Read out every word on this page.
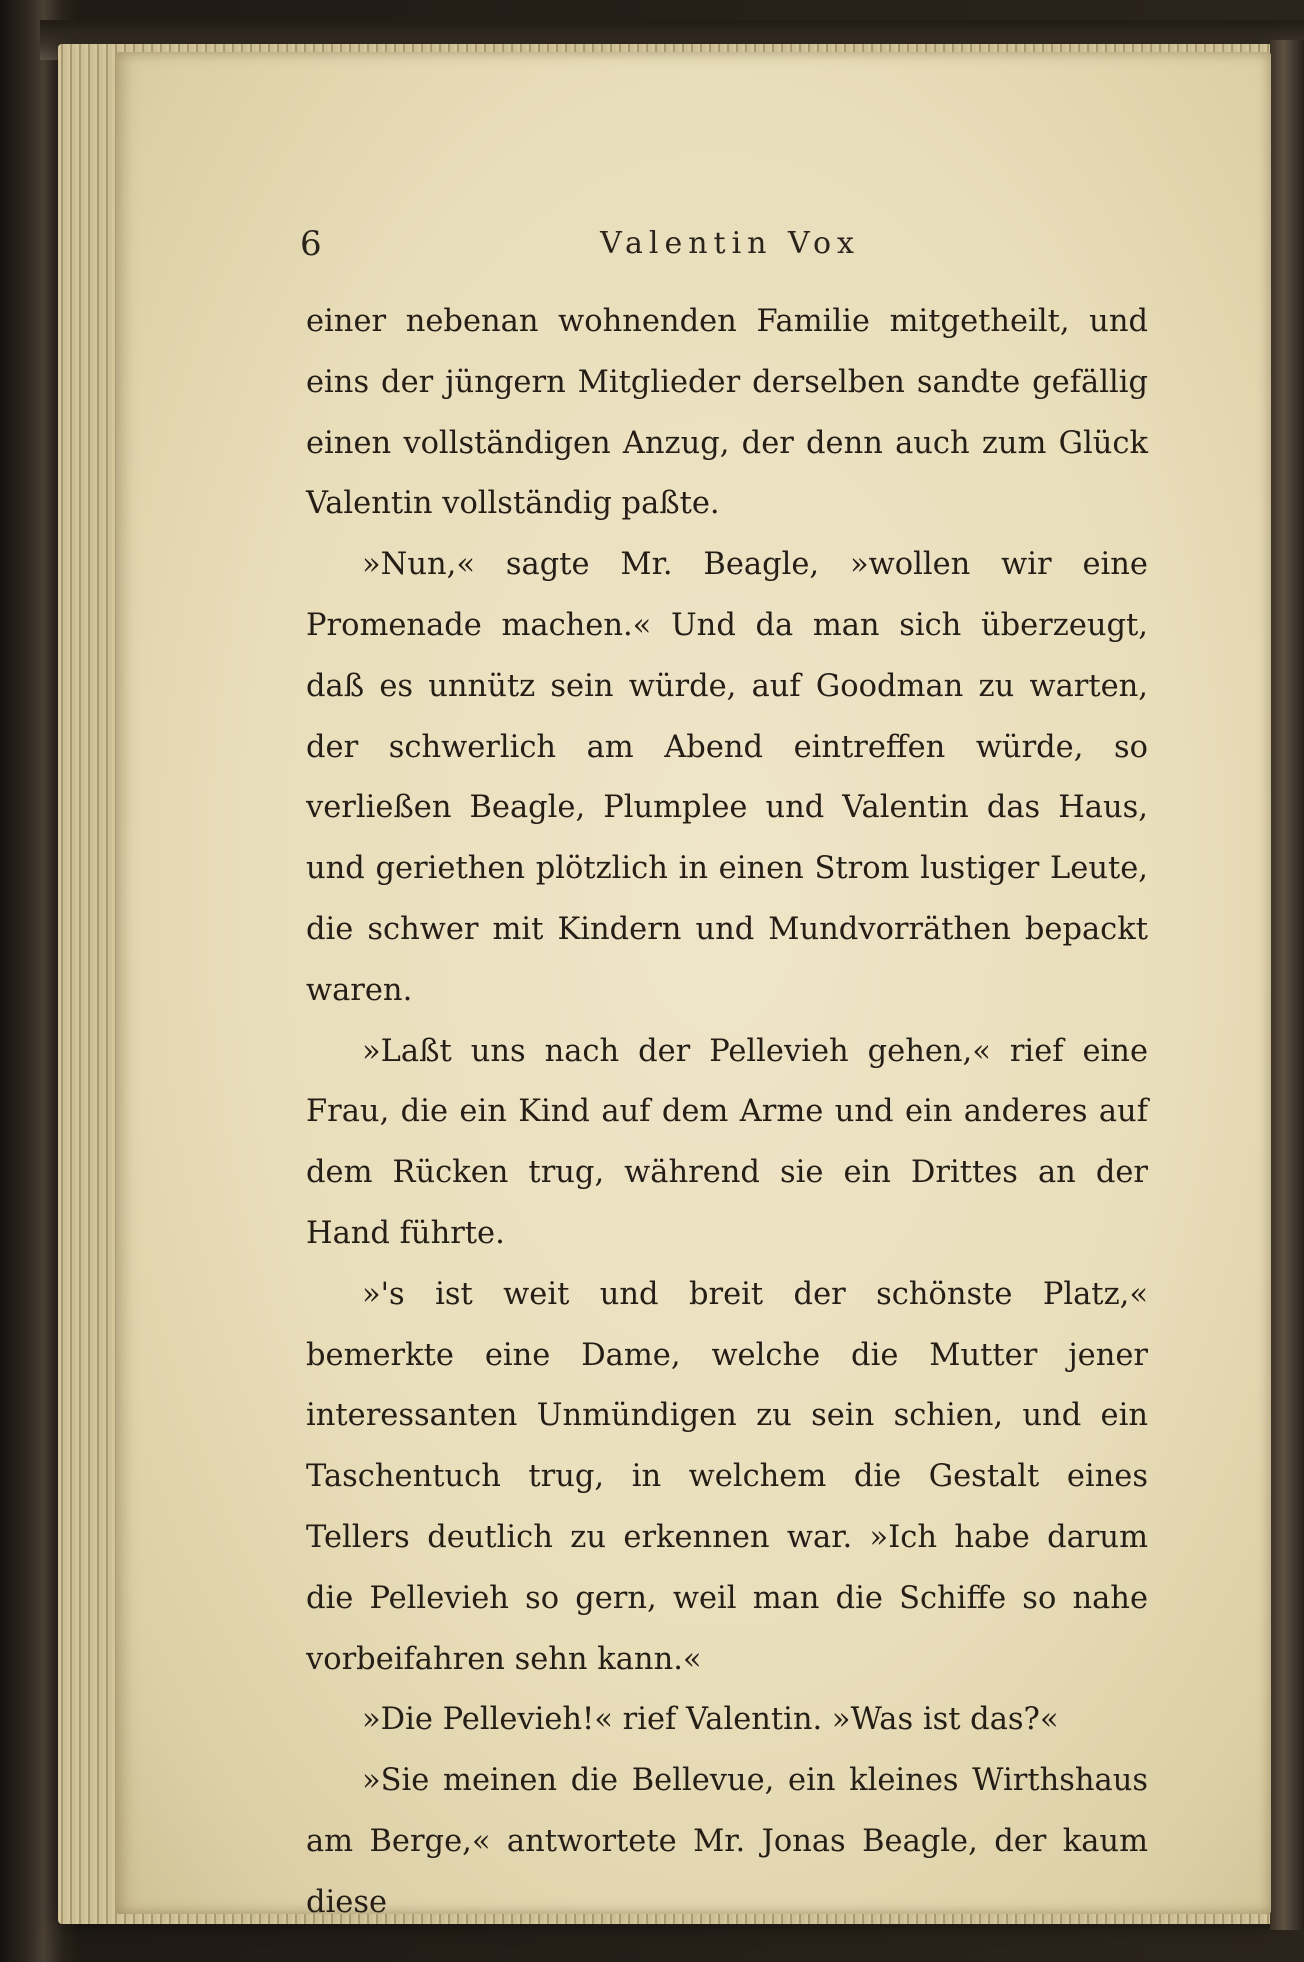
6	Valentin Vox

einer nebenan wohnenden Familie mitgetheilt, und eins der jüngern Mitglieder derselben sandte gefällig einen vollständigen Anzug, der denn auch zum Glück Valentin vollständig paßte.

»Nun,« sagte Mr. Beagle, »wollen wir eine Promenade machen.« Und da man sich überzeugt, daß es unnütz sein würde, auf Goodman zu warten, der schwerlich am Abend eintreffen würde, so verließen Beagle, Plumplee und Valentin das Haus, und geriethen plötzlich in einen Strom lustiger Leute, die schwer mit Kindern und Mundvorräthen bepackt waren.

»Laßt uns nach der Pellevieh gehen,« rief eine Frau, die ein Kind auf dem Arme und ein anderes auf dem Rücken trug, während sie ein Drittes an der Hand führte.

»'s ist weit und breit der schönste Platz,« bemerkte eine Dame, welche die Mutter jener interessanten Unmündigen zu sein schien, und ein Taschentuch trug, in welchem die Gestalt eines Tellers deutlich zu erkennen war. »Ich habe darum die Pellevieh so gern, weil man die Schiffe so nahe vorbeifahren sehn kann.«

»Die Pellevieh!« rief Valentin. »Was ist das?«

»Sie meinen die Bellevue, ein kleines Wirthshaus am Berge,« antwortete Mr. Jonas Beagle, der kaum diese
